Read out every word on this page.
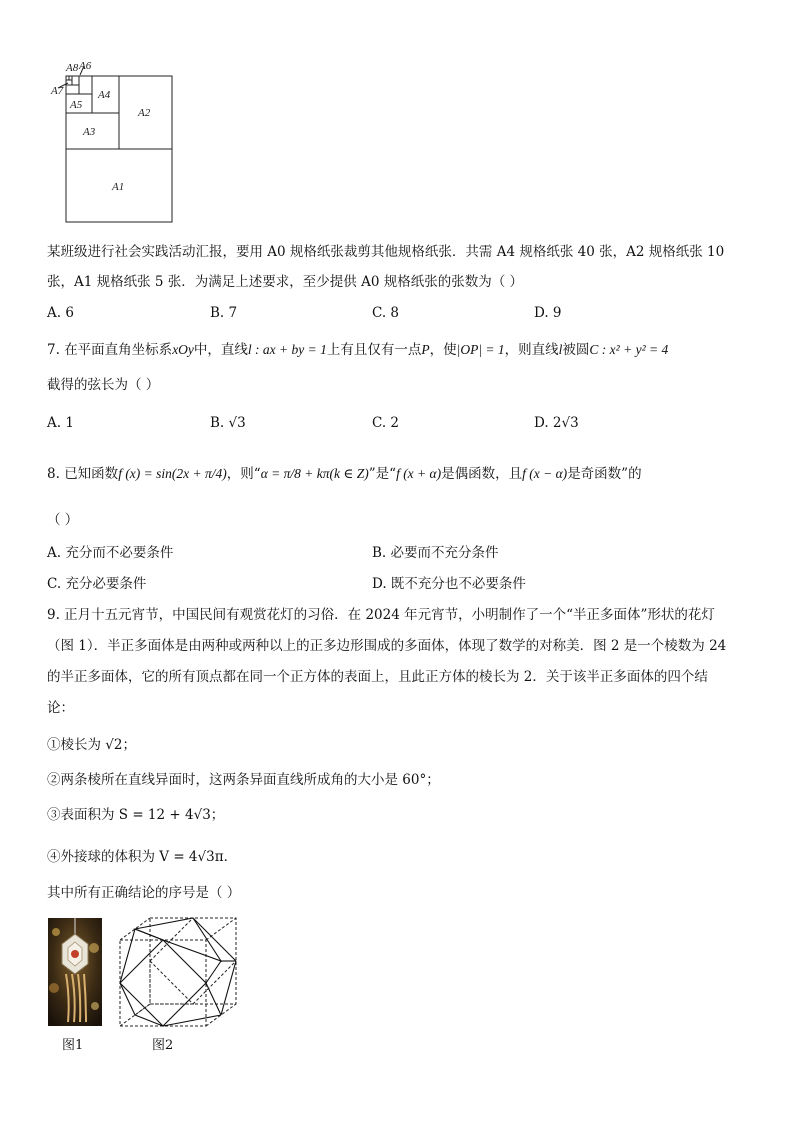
A8 A6
A7
A5
A4
A2
A3
A1
某班级进行社会实践活动汇报，要用 A0 规格纸张裁剪其他规格纸张．共需 A4 规格纸张 40 张，A2 规格纸张 10
张，A1 规格纸张 5 张．为满足上述要求，至少提供 A0 规格纸张的张数为（ ）
A. 6	B. 7	C. 8	D. 9
7. 在平面直角坐标系xOy中，直线l : ax + by = 1上有且仅有一点P，使|OP| = 1，则直线l被圆C : x² + y² = 4
截得的弦长为（ ）
A. 1	B. √3	C. 2	D. 2√3
8. 已知函数f (x) = sin(2x + π/4)，则“α = π/8 + kπ(k ∈ Z)”是“f (x + α)是偶函数，且f (x − α)是奇函数”的
（ ）
A. 充分而不必要条件	B. 必要而不充分条件
C. 充分必要条件	D. 既不充分也不必要条件
9. 正月十五元宵节，中国民间有观赏花灯的习俗．在 2024 年元宵节，小明制作了一个“半正多面体”形状的花灯
（图 1）．半正多面体是由两种或两种以上的正多边形围成的多面体，体现了数学的对称美．图 2 是一个棱数为 24
的半正多面体，它的所有顶点都在同一个正方体的表面上，且此正方体的棱长为 2．关于该半正多面体的四个结
论：
①棱长为 √2；
②两条棱所在直线异面时，这两条异面直线所成角的大小是 60°；
③表面积为 S = 12 + 4√3；
④外接球的体积为 V = 4√3π．
其中所有正确结论的序号是（ ）
图1	图2
